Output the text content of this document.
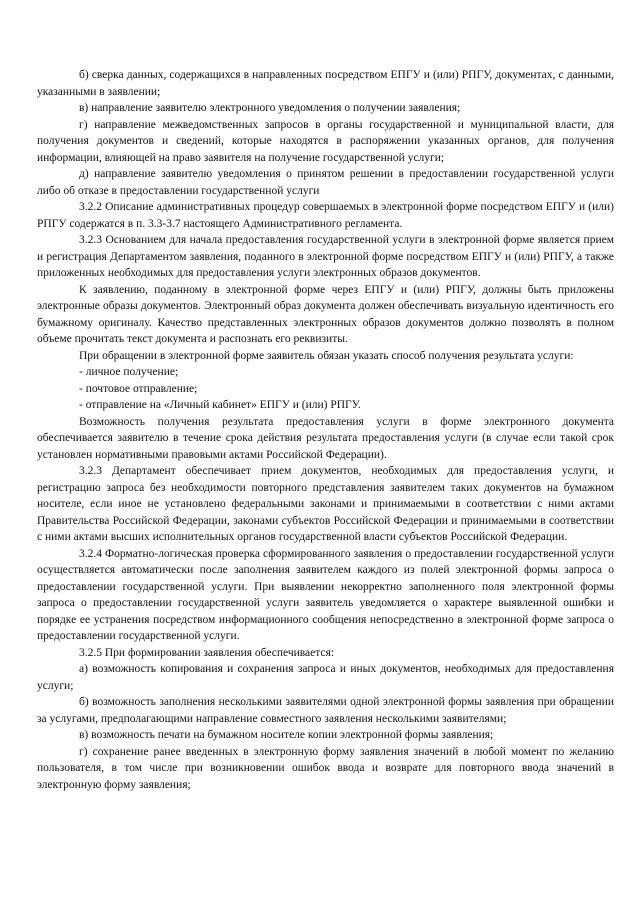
б) сверка данных, содержащихся в направленных посредством ЕПГУ и (или) РПГУ, документах, с данными, указанными в заявлении;

в) направление заявителю электронного уведомления о получении заявления;

г) направление межведомственных запросов в органы государственной и муниципальной власти, для получения документов и сведений, которые находятся в распоряжении указанных органов, для получения информации, влияющей на право заявителя на получение государственной услуги;

д) направление заявителю уведомления о принятом решении в предоставлении государственной услуги либо об отказе в предоставлении государственной услуги

3.2.2 Описание административных процедур совершаемых в электронной форме посредством ЕПГУ и (или) РПГУ содержатся в п. 3.3-3.7 настоящего Административного регламента.

3.2.3 Основанием для начала предоставления государственной услуги в электронной форме является прием и регистрация Департаментом заявления, поданного в электронной форме посредством ЕПГУ и (или) РПГУ, а также приложенных необходимых для предоставления услуги электронных образов документов.

К заявлению, поданному в электронной форме через ЕПГУ и (или) РПГУ, должны быть приложены электронные образы документов. Электронный образ документа должен обеспечивать визуальную идентичность его бумажному оригиналу. Качество представленных электронных образов документов должно позволять в полном объеме прочитать текст документа и распознать его реквизиты.

При обращении в электронной форме заявитель обязан указать способ получения результата услуги:

- личное получение;

- почтовое отправление;

- отправление на «Личный кабинет» ЕПГУ и (или) РПГУ.

Возможность получения результата предоставления услуги в форме электронного документа обеспечивается заявителю в течение срока действия результата предоставления услуги (в случае если такой срок установлен нормативными правовыми актами Российской Федерации).

3.2.3 Департамент обеспечивает прием документов, необходимых для предоставления услуги, и регистрацию запроса без необходимости повторного представления заявителем таких документов на бумажном носителе, если иное не установлено федеральными законами и принимаемыми в соответствии с ними актами Правительства Российской Федерации, законами субъектов Российской Федерации и принимаемыми в соответствии с ними актами высших исполнительных органов государственной власти субъектов Российской Федерации.

3.2.4 Форматно-логическая проверка сформированного заявления о предоставлении государственной услуги осуществляется автоматически после заполнения заявителем каждого из полей электронной формы запроса о предоставлении государственной услуги. При выявлении некорректно заполненного поля электронной формы запроса о предоставлении государственной услуги заявитель уведомляется о характере выявленной ошибки и порядке ее устранения посредством информационного сообщения непосредственно в электронной форме запроса о предоставлении государственной услуги.

3.2.5 При формировании заявления обеспечивается:

а) возможность копирования и сохранения запроса и иных документов, необходимых для предоставления услуги;

б) возможность заполнения несколькими заявителями одной электронной формы заявления при обращении за услугами, предполагающими направление совместного заявления несколькими заявителями;

в) возможность печати на бумажном носителе копии электронной формы заявления;

г) сохранение ранее введенных в электронную форму заявления значений в любой момент по желанию пользователя, в том числе при возникновении ошибок ввода и возврате для повторного ввода значений в электронную форму заявления;
